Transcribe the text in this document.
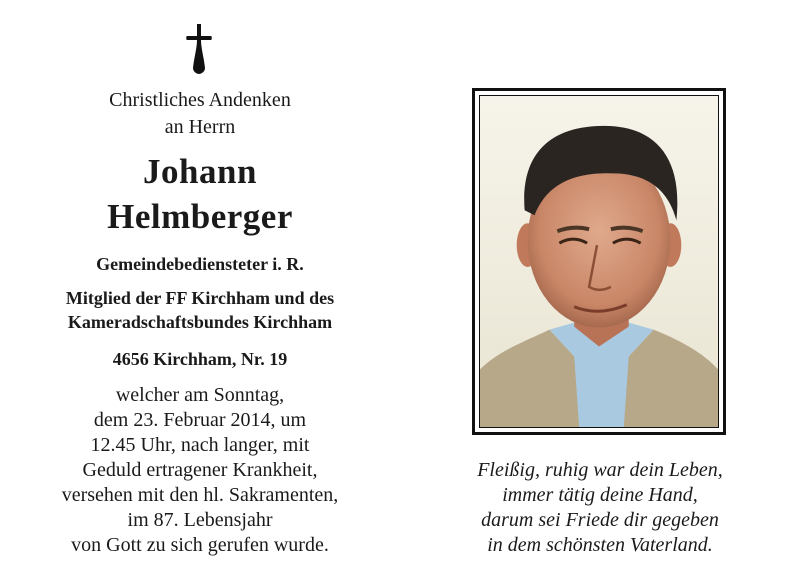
Christliches Andenken
an Herrn
Johann
Helmberger
Gemeindebediensteter i. R.
Mitglied der FF Kirchham und des
Kameradschaftsbundes Kirchham
4656 Kirchham, Nr. 19
welcher am Sonntag,
dem 23. Februar 2014, um
12.45 Uhr, nach langer, mit
Geduld ertragener Krankheit,
versehen mit den hl. Sakramenten,
im 87. Lebensjahr
von Gott zu sich gerufen wurde.
Fleißig, ruhig war dein Leben,
immer tätig deine Hand,
darum sei Friede dir gegeben
in dem schönsten Vaterland.
